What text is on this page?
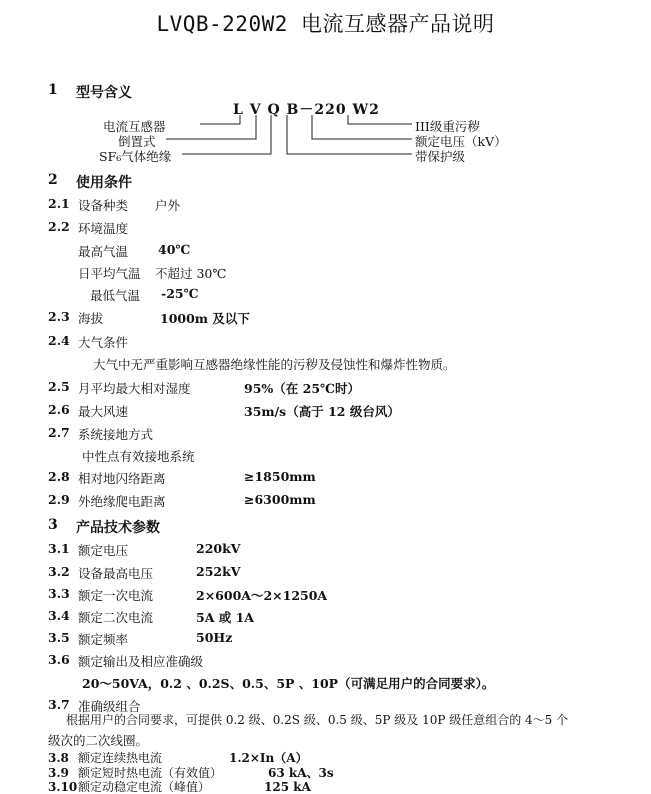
LVQB-220W2 电流互感器产品说明
1 型号含义
L V Q B－220 W2
电流互感器
倒置式
SF₆气体绝缘
III级重污秽
额定电压（kV）
带保护级
2 使用条件
2.1 设备种类 户外
2.2 环境温度
最高气温 40℃
日平均气温 不超过 30℃
最低气温 -25℃
2.3 海拔	1000m 及以下
2.4 大气条件
大气中无严重影响互感器绝缘性能的污秽及侵蚀性和爆炸性物质。
2.5 月平均最大相对湿度	95%（在 25℃时）
2.6 最大风速	35m/s（高于 12 级台风）
2.7 系统接地方式
中性点有效接地系统
2.8 相对地闪络距离	≥1850mm
2.9 外绝缘爬电距离	≥6300mm
3 产品技术参数
3.1 额定电压	220kV
3.2 设备最高电压	252kV
3.3 额定一次电流	2×600A～2×1250A
3.4 额定二次电流	5A 或 1A
3.5 额定频率	50Hz
3.6 额定输出及相应准确级
20～50VA，0.2 、0.2S、0.5、5P 、10P（可满足用户的合同要求）。
3.7 准确级组合
根据用户的合同要求，可提供 0.2 级、0.2S 级、0.5 级、5P 级及 10P 级任意组合的 4～5 个
级次的二次线圈。
3.8 额定连续热电流	1.2×In（A）
3.9 额定短时热电流（有效值）	63 kA、3s
3.10 额定动稳定电流（峰值）	125 kA
